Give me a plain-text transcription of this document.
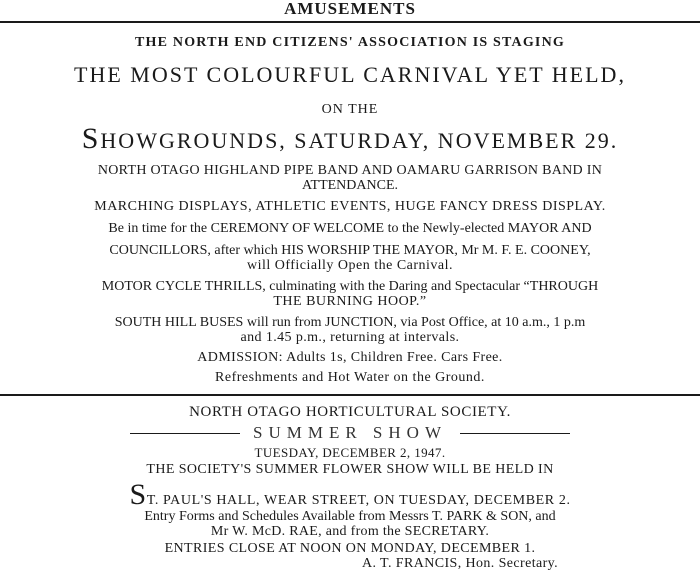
AMUSEMENTS
THE NORTH END CITIZENS' ASSOCIATION IS STAGING
THE MOST COLOURFUL CARNIVAL YET HELD,
ON THE
SHOWGROUNDS, SATURDAY, NOVEMBER 29.
NORTH OTAGO HIGHLAND PIPE BAND AND OAMARU GARRISON BAND IN
ATTENDANCE.
MARCHING DISPLAYS, ATHLETIC EVENTS, HUGE FANCY DRESS DISPLAY.
Be in time for the CEREMONY OF WELCOME to the Newly-elected MAYOR AND
COUNCILLORS, after which HIS WORSHIP THE MAYOR, Mr M. F. E. COONEY,
will Officially Open the Carnival.
MOTOR CYCLE THRILLS, culminating with the Daring and Spectacular “THROUGH
THE BURNING HOOP.”
SOUTH HILL BUSES will run from JUNCTION, via Post Office, at 10 a.m., 1 p.m
and 1.45 p.m., returning at intervals.
ADMISSION: Adults 1s, Children Free. Cars Free.
Refreshments and Hot Water on the Ground.
NORTH OTAGO HORTICULTURAL SOCIETY.
SUMMER SHOW
TUESDAY, DECEMBER 2, 1947.
THE SOCIETY'S SUMMER FLOWER SHOW WILL BE HELD IN
ST. PAUL'S HALL, WEAR STREET, ON TUESDAY, DECEMBER 2.
Entry Forms and Schedules Available from Messrs T. PARK & SON, and
Mr W. McD. RAE, and from the SECRETARY.
ENTRIES CLOSE AT NOON ON MONDAY, DECEMBER 1.
A. T. FRANCIS, Hon. Secretary.
